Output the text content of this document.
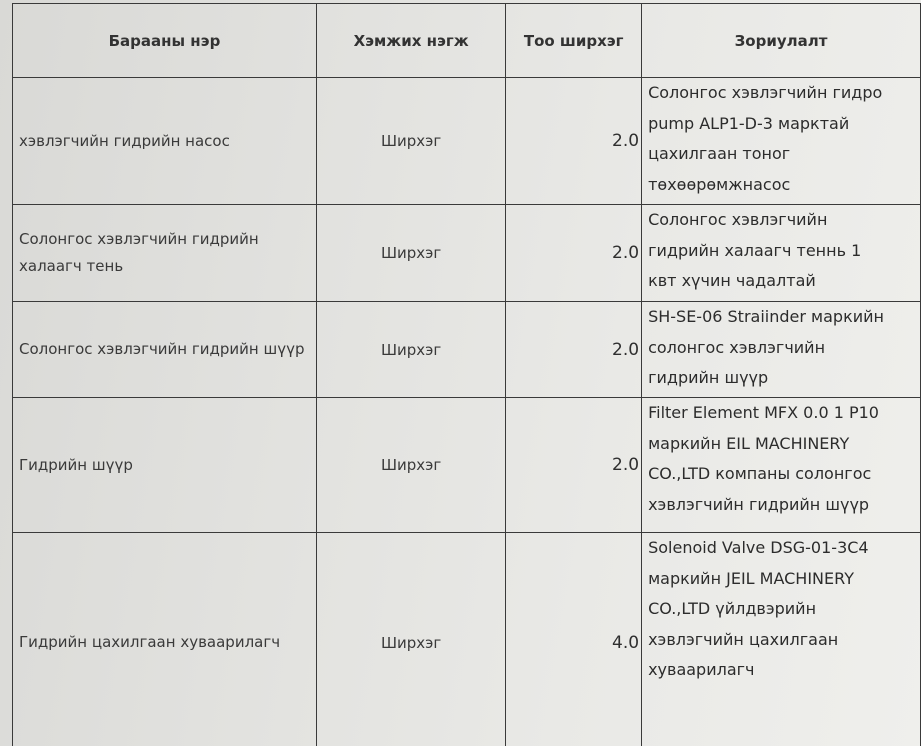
Барааны нэр	Хэмжих нэгж	Тоо ширхэг	Зориулалт
хэвлэгчийн гидрийн насос	Ширхэг	2.0	Солонгос хэвлэгчийн гидро
pump ALP1-D-3 марктай
цахилгаан тоног
төхөөрөмжнасос

Солонгос хэвлэгчийн гидрийн халаагч тень	Ширхэг	2.0	Солонгос хэвлэгчийн
гидрийн халаагч теннь 1
квт хүчин чадалтай

Солонгос хэвлэгчийн гидрийн шүүр	Ширхэг	2.0	SH-SE-06 Straiinder маркийн
солонгос хэвлэгчийн
гидрийн шүүр

Гидрийн шүүр	Ширхэг	2.0	Filter Element MFX 0.0 1 P10
маркийн EIL MACHINERY
CO.,LTD компаны солонгос
хэвлэгчийн гидрийн шүүр

Гидрийн цахилгаан хуваарилагч	Ширхэг	4.0	Solenoid Valve DSG-01-3C4
маркийн JEIL MACHINERY
CO.,LTD үйлдвэрийн
хэвлэгчийн цахилгаан
хуваарилагч
